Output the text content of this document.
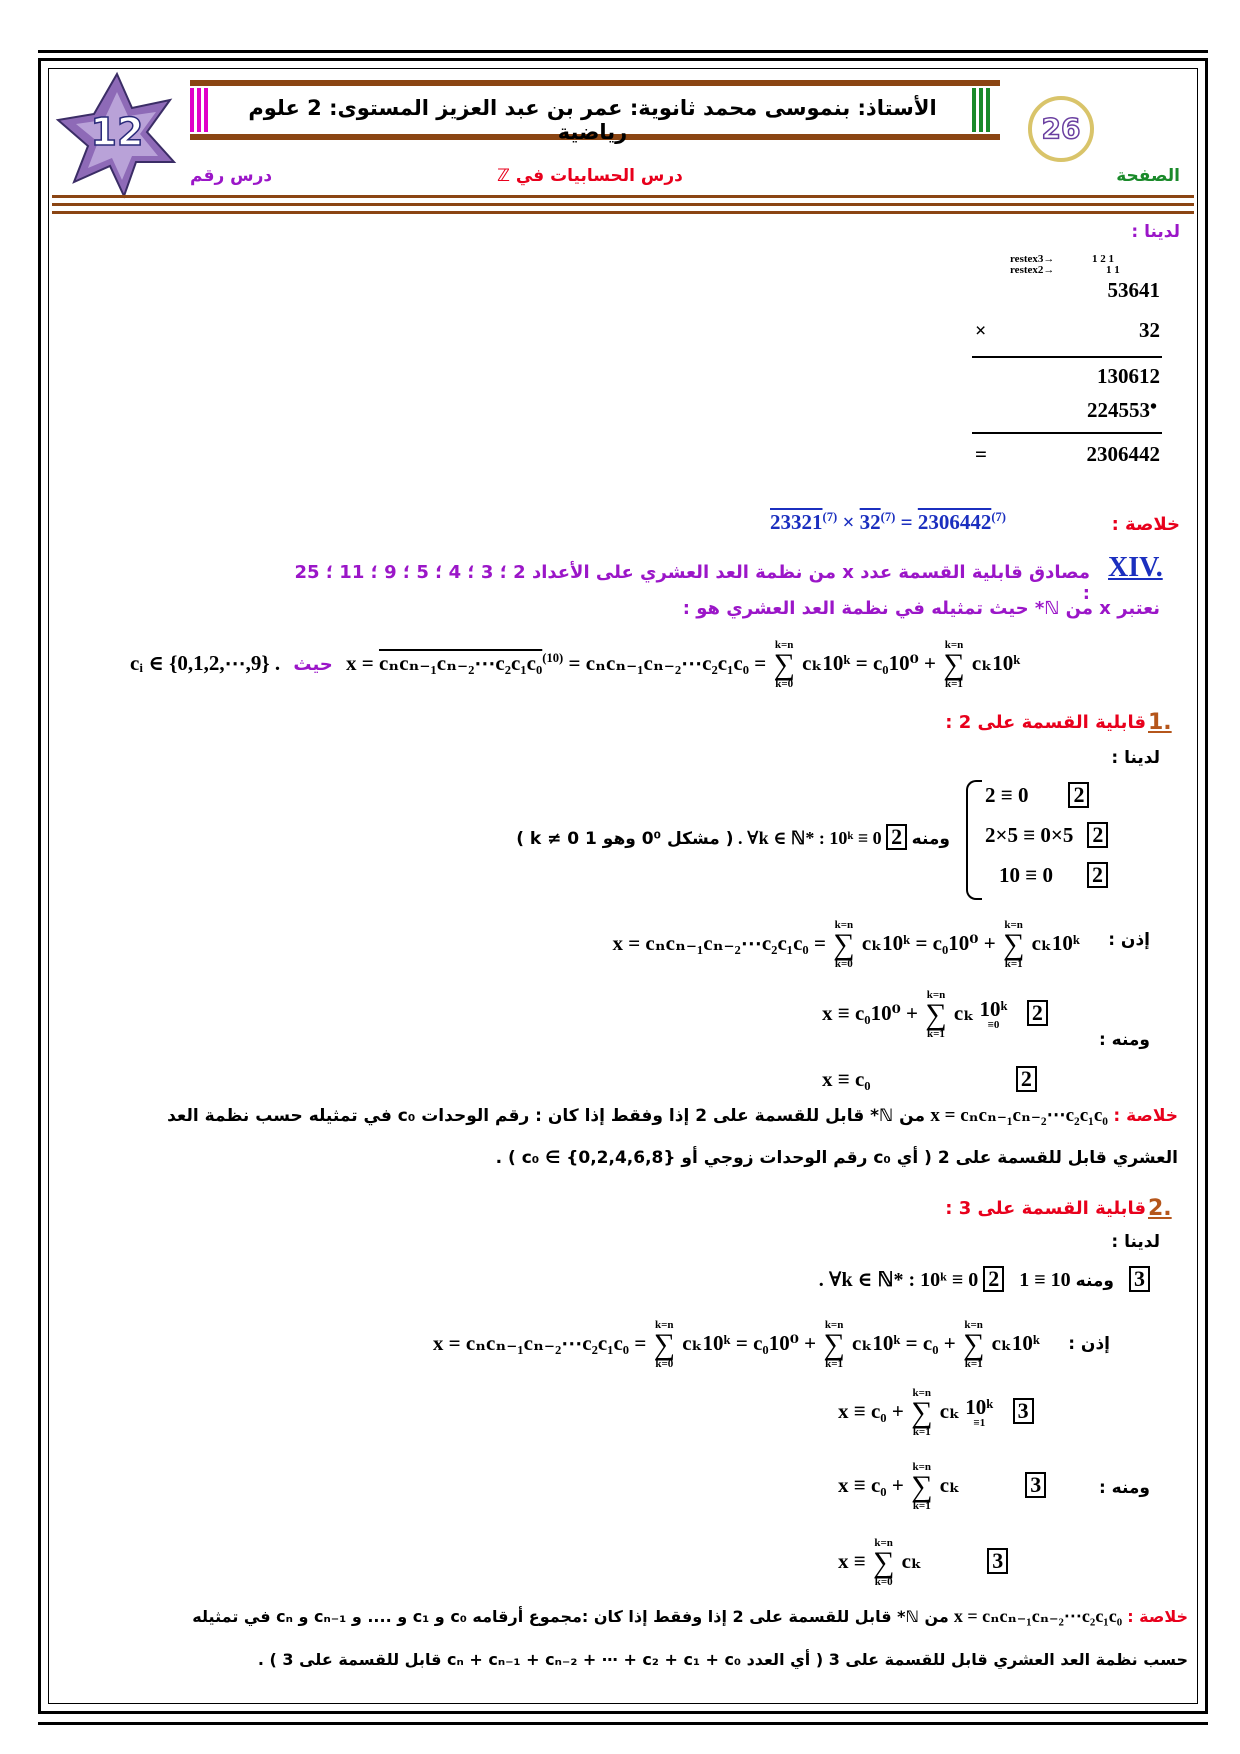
12
الأستاذ: بنموسى محمد ثانوية: عمر بن عبد العزيز المستوى: 2 علوم رياضية	26
الصفحة
درس الحسابيات في ℤ
درس رقم
لدينا :
restex3→	1 2 1
restex2→	1 1
53641
×	32
130612
224553 •
=	2306442
خلاصة :
$23321^{(7)} \times 32^{(7)} = 2306442^{(7)}$
XIV.
مصادق قابلية القسمة عدد x من نظمة العد العشري على الأعداد 2 ؛ 3 ؛ 4 ؛ 5 ؛ 9 ؛ 11 ؛ 25 :
نعتبر x من ℕ* حيث تمثيله في نظمة العد العشري هو :
cᵢ ∈ {0,1,2,⋯,9} . حيث x = cₙcₙ₋₁cₙ₋₂⋯c₂c₁c₀$^{(10)}$ = cₙcₙ₋₁cₙ₋₂⋯c₂c₁c₀ =
k=n
∑
k=0
cₖ10ᵏ = c₀10⁰ +
k=n
∑
k=1
cₖ10ᵏ
1.
قابلية القسمة على 2 :
لدينا :
2 ≡ 0 2
2×5 ≡ 0×5 2
10 ≡ 0 2
( k ≠ 0 مشكل 0⁰ وهو 1 ) . ∀k ∈ ℕ* : 10ᵏ ≡ 0 2 ومنه
إذن :
x = cₙcₙ₋₁cₙ₋₂⋯c₂c₁c₀ =
k=n
∑
k=0
cₖ10ᵏ = c₀10⁰ +
k=n
∑
k=1
cₖ10ᵏ
ومنه :
x ≡ c₀10⁰ +
k=n
∑
k=1
cₖ 10ᵏ
≡0
2
x ≡ c₀	2
خلاصة : x = cₙcₙ₋₁cₙ₋₂⋯c₂c₁c₀ من ℕ* قابل للقسمة على 2 إذا وفقط إذا كان : رقم الوحدات c₀ في تمثيله حسب نظمة العد
العشري قابل للقسمة على 2 ( أي c₀ رقم الوحدات زوجي أو c₀ ∈ {0,2,4,6,8} ) .
2.
قابلية القسمة على 3 :
لدينا :
. ∀k ∈ ℕ* : 10ᵏ ≡ 0 2	ومنه 10 ≡ 1	3
إذن :
x = cₙcₙ₋₁cₙ₋₂⋯c₂c₁c₀ =
k=n
∑
k=0
cₖ10ᵏ = c₀10⁰ +
k=n
∑
k=1
cₖ10ᵏ = c₀ +
k=n
∑
k=1
cₖ10ᵏ
x ≡ c₀ +
k=n
∑
k=1
cₖ 10ᵏ
≡1
3
ومنه :
x ≡ c₀ +
k=n
∑
k=1
cₖ	3
x ≡
k=n
∑
k=0
cₖ	3
خلاصة : x = cₙcₙ₋₁cₙ₋₂⋯c₂c₁c₀ من ℕ* قابل للقسمة على 2 إذا وفقط إذا كان :مجموع أرقامه c₀ و c₁ و .... و cₙ₋₁ و cₙ في تمثيله
حسب نظمة العد العشري قابل للقسمة على 3 ( أي العدد cₙ + cₙ₋₁ + cₙ₋₂ + ⋯ + c₂ + c₁ + c₀ قابل للقسمة على 3 ) .
